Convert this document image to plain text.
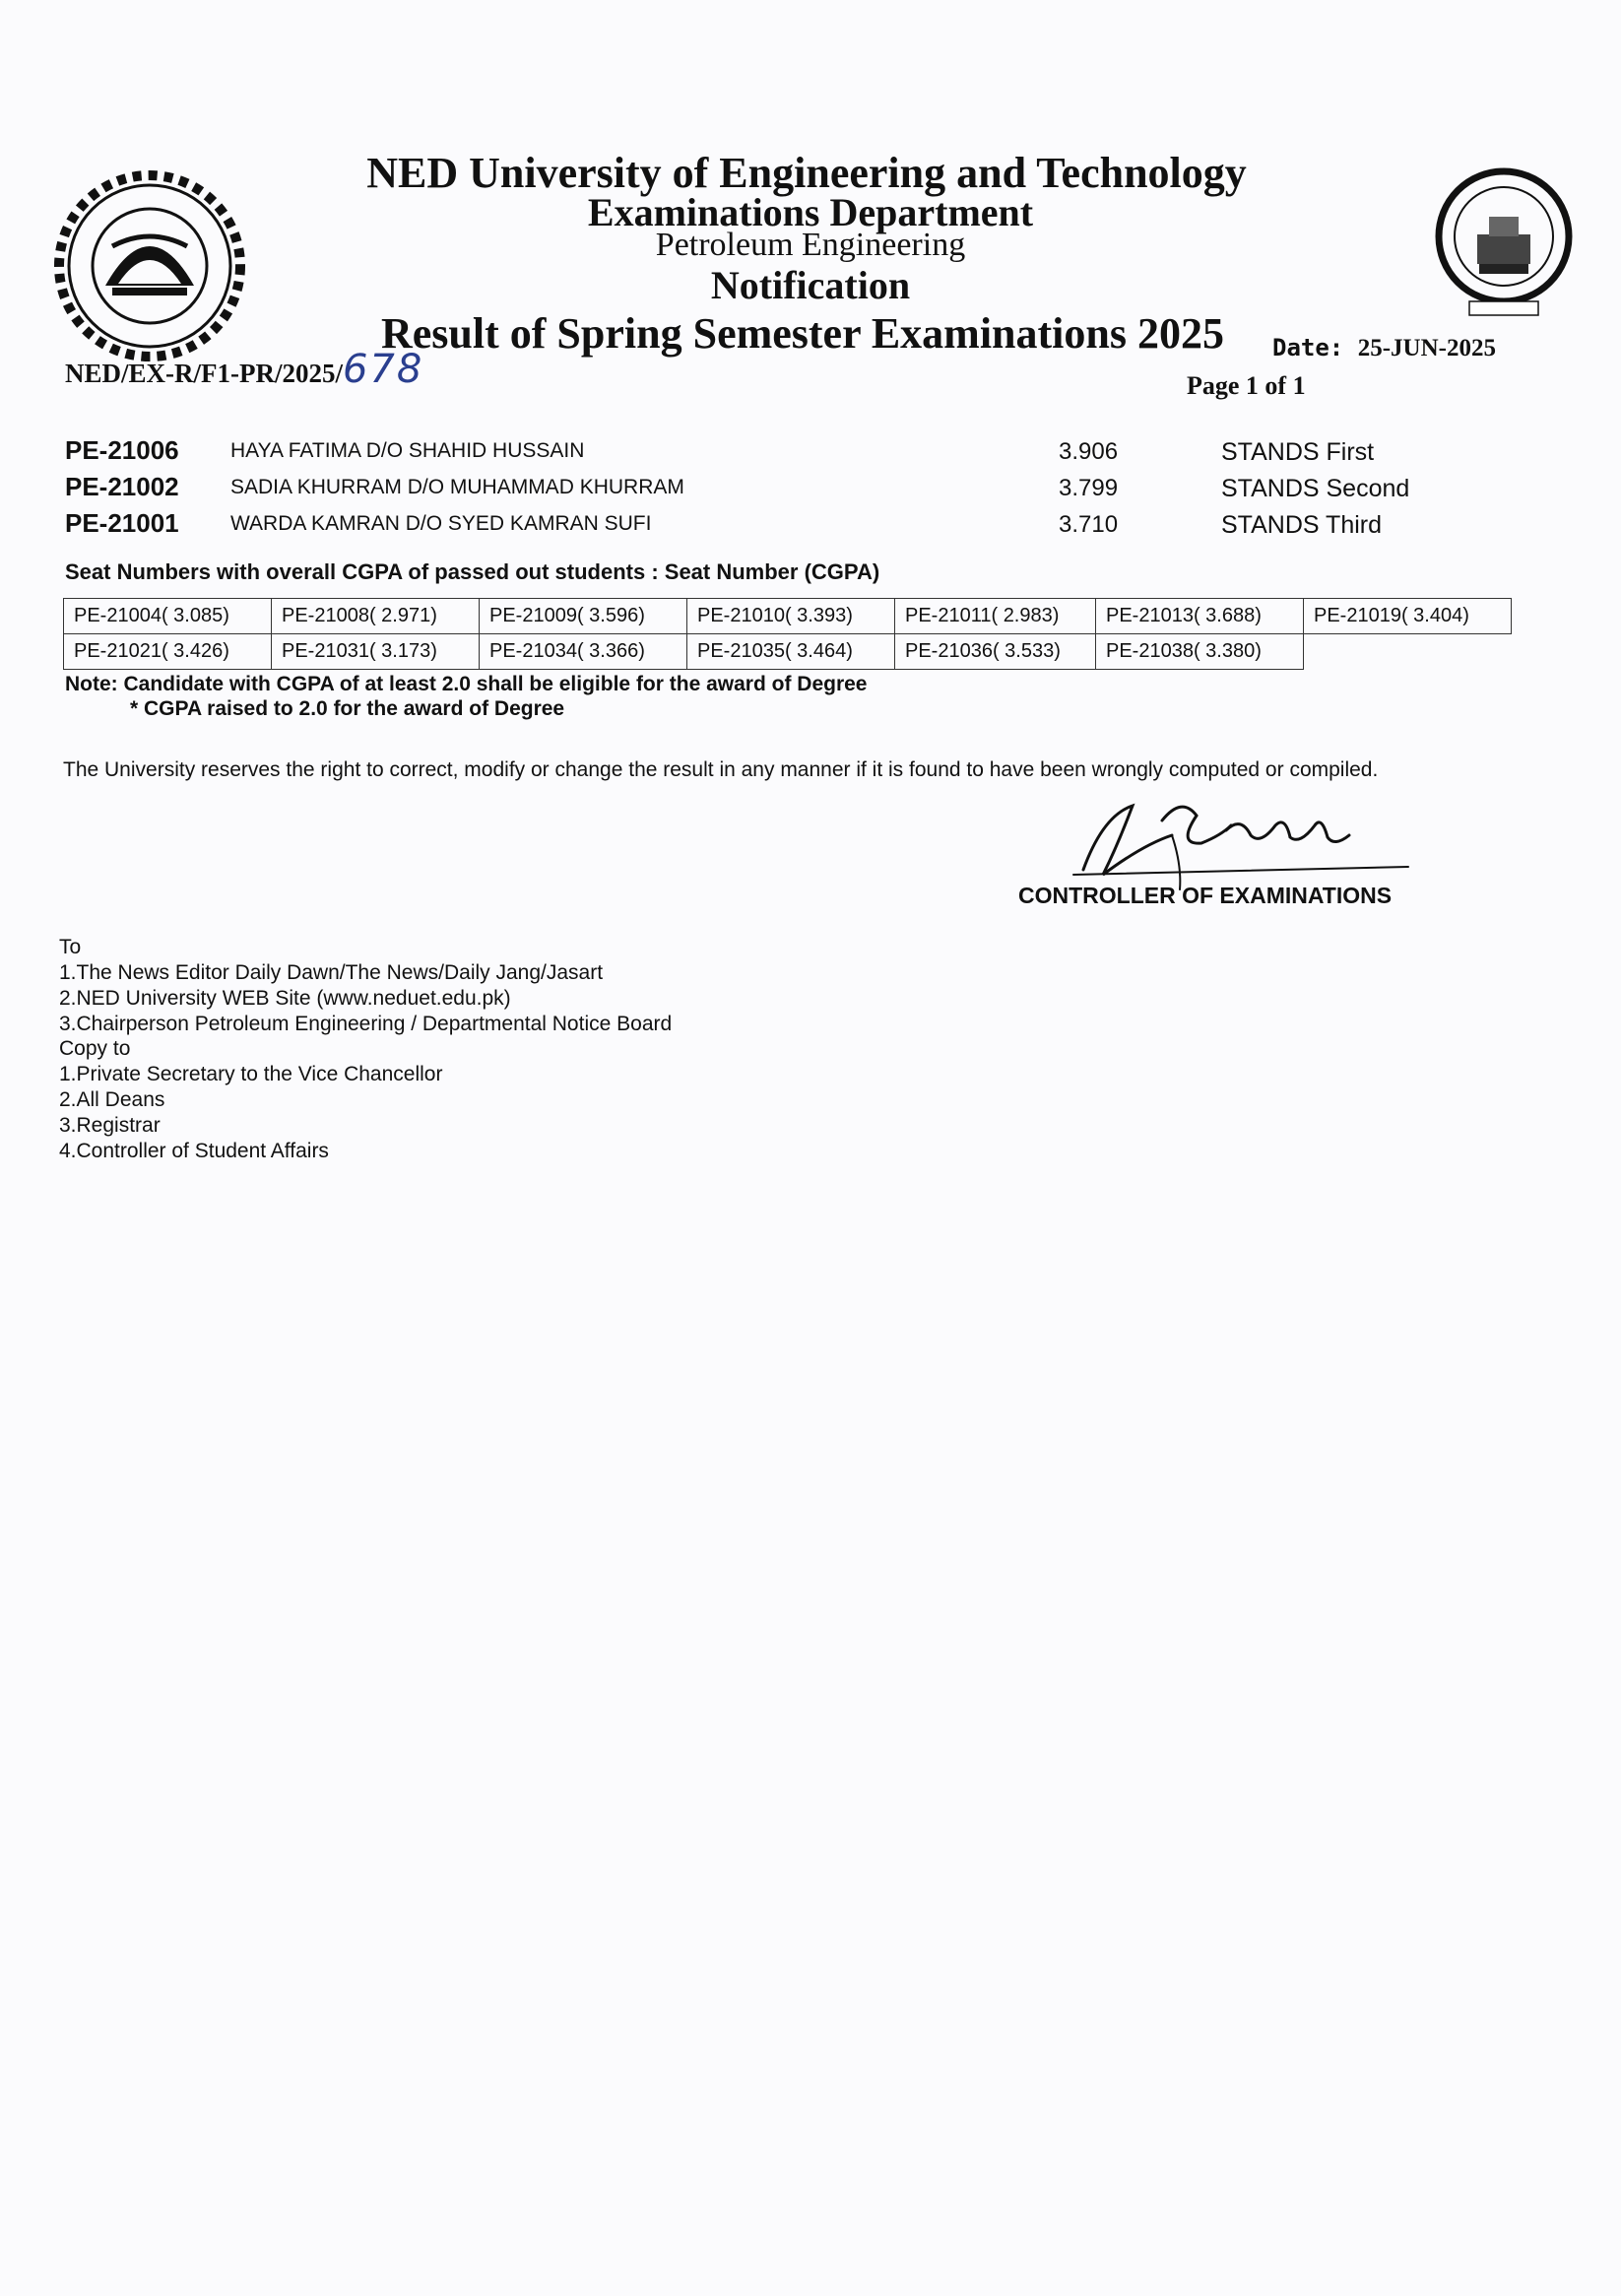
NED University of Engineering and Technology
Examinations Department
Petroleum Engineering
Notification
Result of Spring Semester Examinations 2025
NED/EX-R/F1-PR/2025/678	Date: 25-JUN-2025
Page 1 of 1
PE-21006 HAYA FATIMA D/O SHAHID HUSSAIN	3.906	STANDS First
PE-21002 SADIA KHURRAM D/O MUHAMMAD KHURRAM	3.799	STANDS Second
PE-21001 WARDA KAMRAN D/O SYED KAMRAN SUFI	3.710	STANDS Third
Seat Numbers with overall CGPA of passed out students : Seat Number (CGPA)
PE-21004( 3.085)	PE-21008( 2.971)	PE-21009( 3.596)	PE-21010( 3.393)	PE-21011( 2.983)	PE-21013( 3.688)	PE-21019( 3.404)
PE-21021( 3.426)	PE-21031( 3.173)	PE-21034( 3.366)	PE-21035( 3.464)	PE-21036( 3.533)	PE-21038( 3.380)	
Note: Candidate with CGPA of at least 2.0 shall be eligible for the award of Degree
* CGPA raised to 2.0 for the award of Degree
The University reserves the right to correct, modify or change the result in any manner if it is found to have been wrongly computed or compiled.
CONTROLLER OF EXAMINATIONS
To
1.The News Editor Daily Dawn/The News/Daily Jang/Jasart
2.NED University WEB Site (www.neduet.edu.pk)
3.Chairperson Petroleum Engineering / Departmental Notice Board
Copy to
1.Private Secretary to the Vice Chancellor
2.All Deans
3.Registrar
4.Controller of Student Affairs
